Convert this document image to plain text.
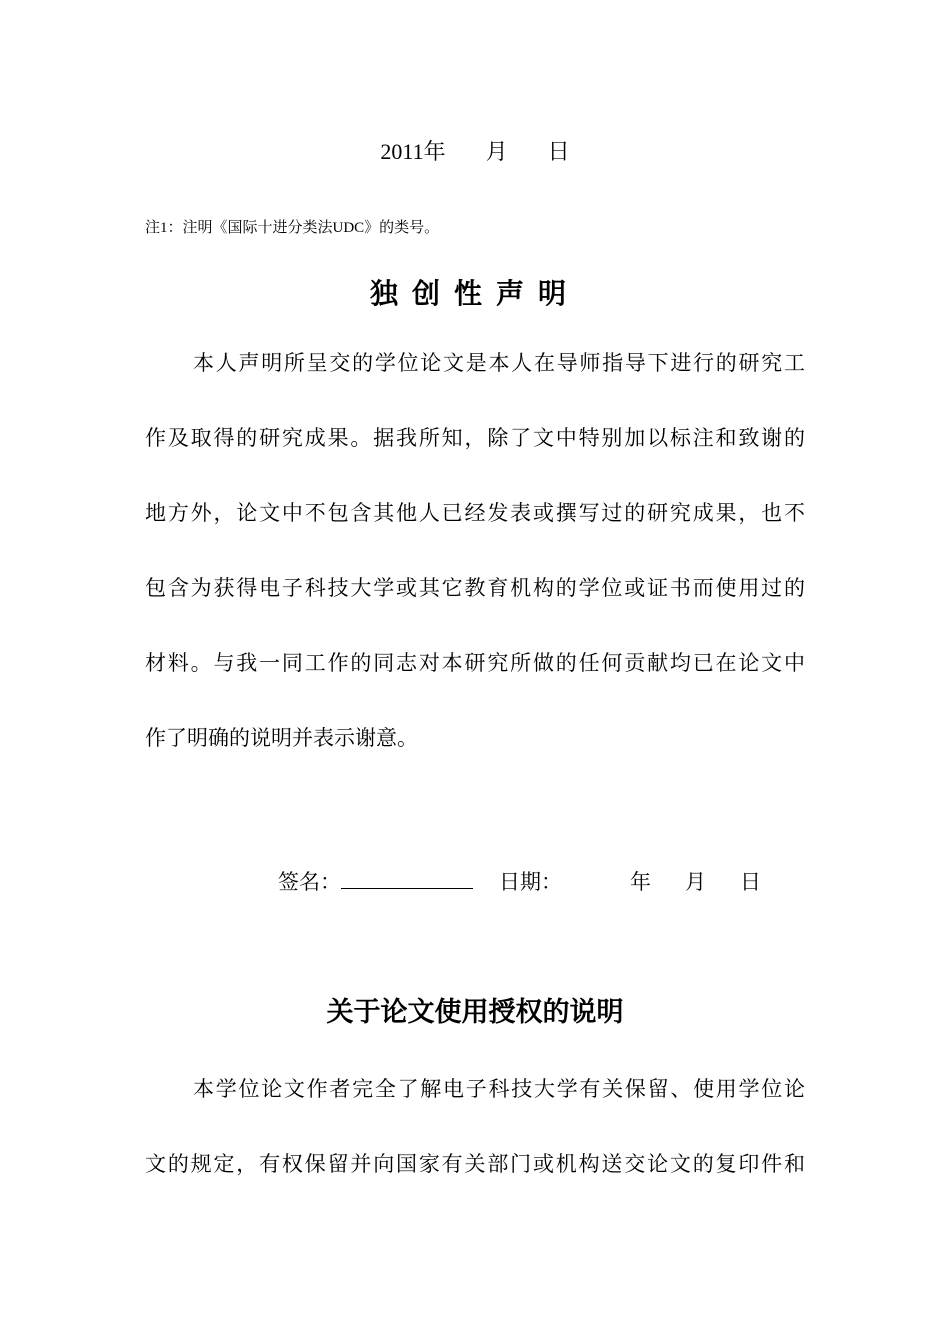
2011年 月 日
注1：注明《国际十进分类法UDC》的类号。
独创性声明
本人声明所呈交的学位论文是本人在导师指导下进行的研究工
作及取得的研究成果。据我所知，除了文中特别加以标注和致谢的
地方外，论文中不包含其他人已经发表或撰写过的研究成果，也不
包含为获得电子科技大学或其它教育机构的学位或证书而使用过的
材料。与我一同工作的同志对本研究所做的任何贡献均已在论文中
作了明确的说明并表示谢意。
签名：	日期：	年 月 日
关于论文使用授权的说明
本学位论文作者完全了解电子科技大学有关保留、使用学位论
文的规定，有权保留并向国家有关部门或机构送交论文的复印件和
